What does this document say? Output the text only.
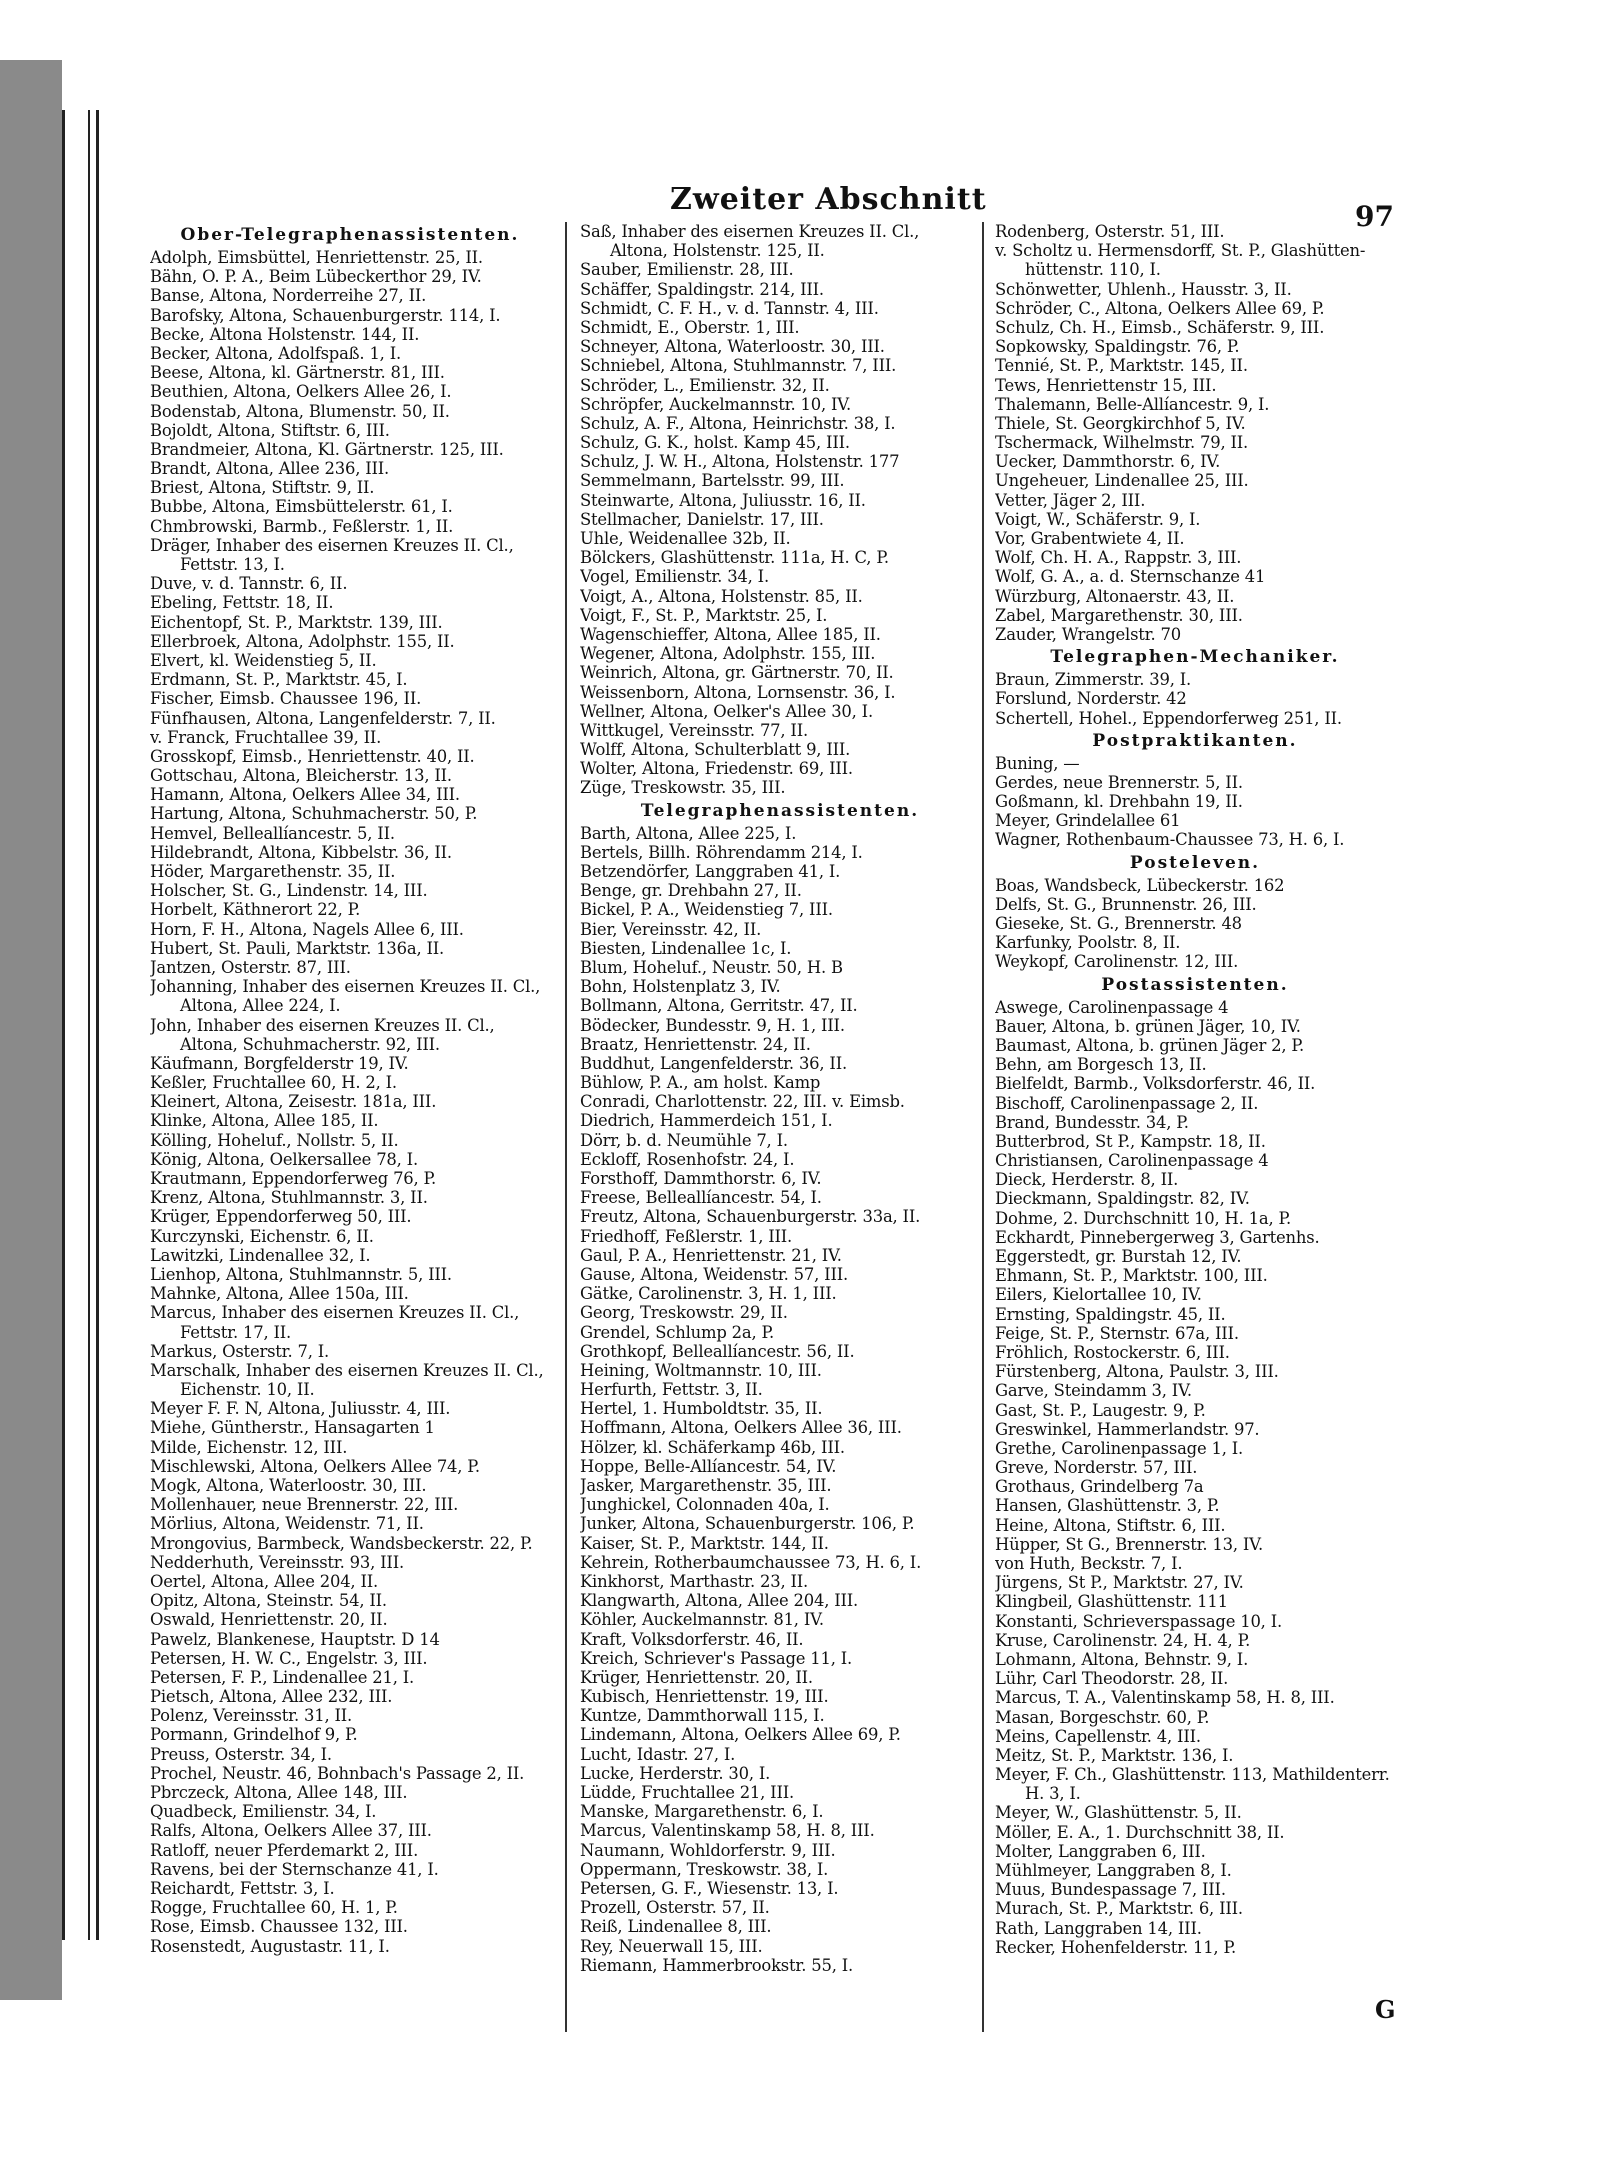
Zweiter Abschnitt	97
Ober-Telegraphenassistenten.
Adolph, Eimsbüttel, Henriettenstr. 25, II.
Bähn, O. P. A., Beim Lübeckerthor 29, IV.
Banse, Altona, Norderreihe 27, II.
Barofsky, Altona, Schauenburgerstr. 114, I.
Becke, Altona Holstenstr. 144, II.
Becker, Altona, Adolfspaß. 1, I.
Beese, Altona, kl. Gärtnerstr. 81, III.
Beuthien, Altona, Oelkers Allee 26, I.
Bodenstab, Altona, Blumenstr. 50, II.
Bojoldt, Altona, Stiftstr. 6, III.
Brandmeier, Altona, Kl. Gärtnerstr. 125, III.
Brandt, Altona, Allee 236, III.
Briest, Altona, Stiftstr. 9, II.
Bubbe, Altona, Eimsbüttelerstr. 61, I.
Chmbrowski, Barmb., Feßlerstr. 1, II.
Dräger, Inhaber des eisernen Kreuzes II. Cl.,
Fettstr. 13, I.
Duve, v. d. Tannstr. 6, II.
Ebeling, Fettstr. 18, II.
Eichentopf, St. P., Marktstr. 139, III.
Ellerbroek, Altona, Adolphstr. 155, II.
Elvert, kl. Weidenstieg 5, II.
Erdmann, St. P., Marktstr. 45, I.
Fischer, Eimsb. Chaussee 196, II.
Fünfhausen, Altona, Langenfelderstr. 7, II.
v. Franck, Fruchtallee 39, II.
Grosskopf, Eimsb., Henriettenstr. 40, II.
Gottschau, Altona, Bleicherstr. 13, II.
Hamann, Altona, Oelkers Allee 34, III.
Hartung, Altona, Schuhmacherstr. 50, P.
Hemvel, Belleallíancestr. 5, II.
Hildebrandt, Altona, Kibbelstr. 36, II.
Höder, Margarethenstr. 35, II.
Holscher, St. G., Lindenstr. 14, III.
Horbelt, Käthnerort 22, P.
Horn, F. H., Altona, Nagels Allee 6, III.
Hubert, St. Pauli, Marktstr. 136a, II.
Jantzen, Osterstr. 87, III.
Johanning, Inhaber des eisernen Kreuzes II. Cl.,
Altona, Allee 224, I.
John, Inhaber des eisernen Kreuzes II. Cl.,
Altona, Schuhmacherstr. 92, III.
Käufmann, Borgfelderstr 19, IV.
Keßler, Fruchtallee 60, H. 2, I.
Kleinert, Altona, Zeisestr. 181a, III.
Klinke, Altona, Allee 185, II.
Kölling, Hoheluf., Nollstr. 5, II.
König, Altona, Oelkersallee 78, I.
Krautmann, Eppendorferweg 76, P.
Krenz, Altona, Stuhlmannstr. 3, II.
Krüger, Eppendorferweg 50, III.
Kurczynski, Eichenstr. 6, II.
Lawitzki, Lindenallee 32, I.
Lienhop, Altona, Stuhlmannstr. 5, III.
Mahnke, Altona, Allee 150a, III.
Marcus, Inhaber des eisernen Kreuzes II. Cl.,
Fettstr. 17, II.
Markus, Osterstr. 7, I.
Marschalk, Inhaber des eisernen Kreuzes II. Cl.,
Eichenstr. 10, II.
Meyer F. F. N, Altona, Juliusstr. 4, III.
Miehe, Güntherstr., Hansagarten 1
Milde, Eichenstr. 12, III.
Mischlewski, Altona, Oelkers Allee 74, P.
Mogk, Altona, Waterloostr. 30, III.
Mollenhauer, neue Brennerstr. 22, III.
Mörlius, Altona, Weidenstr. 71, II.
Mrongovius, Barmbeck, Wandsbeckerstr. 22, P.
Nedderhuth, Vereinsstr. 93, III.
Oertel, Altona, Allee 204, II.
Opitz, Altona, Steinstr. 54, II.
Oswald, Henriettenstr. 20, II.
Pawelz, Blankenese, Hauptstr. D 14
Petersen, H. W. C., Engelstr. 3, III.
Petersen, F. P., Lindenallee 21, I.
Pietsch, Altona, Allee 232, III.
Polenz, Vereinsstr. 31, II.
Pormann, Grindelhof 9, P.
Preuss, Osterstr. 34, I.
Prochel, Neustr. 46, Bohnbach's Passage 2, II.
Pbrczeck, Altona, Allee 148, III.
Quadbeck, Emilienstr. 34, I.
Ralfs, Altona, Oelkers Allee 37, III.
Ratloff, neuer Pferdemarkt 2, III.
Ravens, bei der Sternschanze 41, I.
Reichardt, Fettstr. 3, I.
Rogge, Fruchtallee 60, H. 1, P.
Rose, Eimsb. Chaussee 132, III.
Rosenstedt, Augustastr. 11, I.
Saß, Inhaber des eisernen Kreuzes II. Cl.,
Altona, Holstenstr. 125, II.
Sauber, Emilienstr. 28, III.
Schäffer, Spaldingstr. 214, III.
Schmidt, C. F. H., v. d. Tannstr. 4, III.
Schmidt, E., Oberstr. 1, III.
Schneyer, Altona, Waterloostr. 30, III.
Schniebel, Altona, Stuhlmannstr. 7, III.
Schröder, L., Emilienstr. 32, II.
Schröpfer, Auckelmannstr. 10, IV.
Schulz, A. F., Altona, Heinrichstr. 38, I.
Schulz, G. K., holst. Kamp 45, III.
Schulz, J. W. H., Altona, Holstenstr. 177
Semmelmann, Bartelsstr. 99, III.
Steinwarte, Altona, Juliusstr. 16, II.
Stellmacher, Danielstr. 17, III.
Uhle, Weidenallee 32b, II.
Bölckers, Glashüttenstr. 111a, H. C, P.
Vogel, Emilienstr. 34, I.
Voigt, A., Altona, Holstenstr. 85, II.
Voigt, F., St. P., Marktstr. 25, I.
Wagenschieffer, Altona, Allee 185, II.
Wegener, Altona, Adolphstr. 155, III.
Weinrich, Altona, gr. Gärtnerstr. 70, II.
Weissenborn, Altona, Lornsenstr. 36, I.
Wellner, Altona, Oelker's Allee 30, I.
Wittkugel, Vereinsstr. 77, II.
Wolff, Altona, Schulterblatt 9, III.
Wolter, Altona, Friedenstr. 69, III.
Züge, Treskowstr. 35, III.
Telegraphenassistenten.
Barth, Altona, Allee 225, I.
Bertels, Billh. Röhrendamm 214, I.
Betzendörfer, Langgraben 41, I.
Benge, gr. Drehbahn 27, II.
Bickel, P. A., Weidenstieg 7, III.
Bier, Vereinsstr. 42, II.
Biesten, Lindenallee 1c, I.
Blum, Hoheluf., Neustr. 50, H. B
Bohn, Holstenplatz 3, IV.
Bollmann, Altona, Gerritstr. 47, II.
Bödecker, Bundesstr. 9, H. 1, III.
Braatz, Henriettenstr. 24, II.
Buddhut, Langenfelderstr. 36, II.
Bühlow, P. A., am holst. Kamp
Conradi, Charlottenstr. 22, III. v. Eimsb.
Diedrich, Hammerdeich 151, I.
Dörr, b. d. Neumühle 7, I.
Eckloff, Rosenhofstr. 24, I.
Forsthoff, Dammthorstr. 6, IV.
Freese, Belleallíancestr. 54, I.
Freutz, Altona, Schauenburgerstr. 33a, II.
Friedhoff, Feßlerstr. 1, III.
Gaul, P. A., Henriettenstr. 21, IV.
Gause, Altona, Weidenstr. 57, III.
Gätke, Carolinenstr. 3, H. 1, III.
Georg, Treskowstr. 29, II.
Grendel, Schlump 2a, P.
Grothkopf, Belleallíancestr. 56, II.
Heining, Woltmannstr. 10, III.
Herfurth, Fettstr. 3, II.
Hertel, 1. Humboldtstr. 35, II.
Hoffmann, Altona, Oelkers Allee 36, III.
Hölzer, kl. Schäferkamp 46b, III.
Hoppe, Belle-Allíancestr. 54, IV.
Jasker, Margarethenstr. 35, III.
Junghickel, Colonnaden 40a, I.
Junker, Altona, Schauenburgerstr. 106, P.
Kaiser, St. P., Marktstr. 144, II.
Kehrein, Rotherbaumchaussee 73, H. 6, I.
Kinkhorst, Marthastr. 23, II.
Klangwarth, Altona, Allee 204, III.
Köhler, Auckelmannstr. 81, IV.
Kraft, Volksdorferstr. 46, II.
Kreich, Schriever's Passage 11, I.
Krüger, Henriettenstr. 20, II.
Kubisch, Henriettenstr. 19, III.
Kuntze, Dammthorwall 115, I.
Lindemann, Altona, Oelkers Allee 69, P.
Lucht, Idastr. 27, I.
Lucke, Herderstr. 30, I.
Lüdde, Fruchtallee 21, III.
Manske, Margarethenstr. 6, I.
Marcus, Valentinskamp 58, H. 8, III.
Naumann, Wohldorferstr. 9, III.
Oppermann, Treskowstr. 38, I.
Petersen, G. F., Wiesenstr. 13, I.
Prozell, Osterstr. 57, II.
Reiß, Lindenallee 8, III.
Rey, Neuerwall 15, III.
Riemann, Hammerbrookstr. 55, I.
Rodenberg, Osterstr. 51, III.
v. Scholtz u. Hermensdorff, St. P., Glashütten-
hüttenstr. 110, I.
Schönwetter, Uhlenh., Hausstr. 3, II.
Schröder, C., Altona, Oelkers Allee 69, P.
Schulz, Ch. H., Eimsb., Schäferstr. 9, III.
Sopkowsky, Spaldingstr. 76, P.
Tennié, St. P., Marktstr. 145, II.
Tews, Henriettenstr 15, III.
Thalemann, Belle-Allíancestr. 9, I.
Thiele, St. Georgkirchhof 5, IV.
Tschermack, Wilhelmstr. 79, II.
Uecker, Dammthorstr. 6, IV.
Ungeheuer, Lindenallee 25, III.
Vetter, Jäger 2, III.
Voigt, W., Schäferstr. 9, I.
Vor, Grabentwiete 4, II.
Wolf, Ch. H. A., Rappstr. 3, III.
Wolf, G. A., a. d. Sternschanze 41
Würzburg, Altonaerstr. 43, II.
Zabel, Margarethenstr. 30, III.
Zauder, Wrangelstr. 70
Telegraphen-Mechaniker.
Braun, Zimmerstr. 39, I.
Forslund, Norderstr. 42
Schertell, Hohel., Eppendorferweg 251, II.
Postpraktikanten.
Buning, —
Gerdes, neue Brennerstr. 5, II.
Goßmann, kl. Drehbahn 19, II.
Meyer, Grindelallee 61
Wagner, Rothenbaum-Chaussee 73, H. 6, I.
Posteleven.
Boas, Wandsbeck, Lübeckerstr. 162
Delfs, St. G., Brunnenstr. 26, III.
Gieseke, St. G., Brennerstr. 48
Karfunky, Poolstr. 8, II.
Weykopf, Carolinenstr. 12, III.
Postassistenten.
Aswege, Carolinenpassage 4
Bauer, Altona, b. grünen Jäger, 10, IV.
Baumast, Altona, b. grünen Jäger 2, P.
Behn, am Borgesch 13, II.
Bielfeldt, Barmb., Volksdorferstr. 46, II.
Bischoff, Carolinenpassage 2, II.
Brand, Bundesstr. 34, P.
Butterbrod, St P., Kampstr. 18, II.
Christiansen, Carolinenpassage 4
Dieck, Herderstr. 8, II.
Dieckmann, Spaldingstr. 82, IV.
Dohme, 2. Durchschnitt 10, H. 1a, P.
Eckhardt, Pinnebergerweg 3, Gartenhs.
Eggerstedt, gr. Burstah 12, IV.
Ehmann, St. P., Marktstr. 100, III.
Eilers, Kielortallee 10, IV.
Ernsting, Spaldingstr. 45, II.
Feige, St. P., Sternstr. 67a, III.
Fröhlich, Rostockerstr. 6, III.
Fürstenberg, Altona, Paulstr. 3, III.
Garve, Steindamm 3, IV.
Gast, St. P., Laugestr. 9, P.
Greswinkel, Hammerlandstr. 97.
Grethe, Carolinenpassage 1, I.
Greve, Norderstr. 57, III.
Grothaus, Grindelberg 7a
Hansen, Glashüttenstr. 3, P.
Heine, Altona, Stiftstr. 6, III.
Hüpper, St G., Brennerstr. 13, IV.
von Huth, Beckstr. 7, I.
Jürgens, St P., Marktstr. 27, IV.
Klingbeil, Glashüttenstr. 111
Konstanti, Schrieverspassage 10, I.
Kruse, Carolinenstr. 24, H. 4, P.
Lohmann, Altona, Behnstr. 9, I.
Lühr, Carl Theodorstr. 28, II.
Marcus, T. A., Valentinskamp 58, H. 8, III.
Masan, Borgeschstr. 60, P.
Meins, Capellenstr. 4, III.
Meitz, St. P., Marktstr. 136, I.
Meyer, F. Ch., Glashüttenstr. 113, Mathildenterr.
H. 3, I.
Meyer, W., Glashüttenstr. 5, II.
Möller, E. A., 1. Durchschnitt 38, II.
Molter, Langgraben 6, III.
Mühlmeyer, Langgraben 8, I.
Muus, Bundespassage 7, III.
Murach, St. P., Marktstr. 6, III.
Rath, Langgraben 14, III.
Recker, Hohenfelderstr. 11, P.
G
